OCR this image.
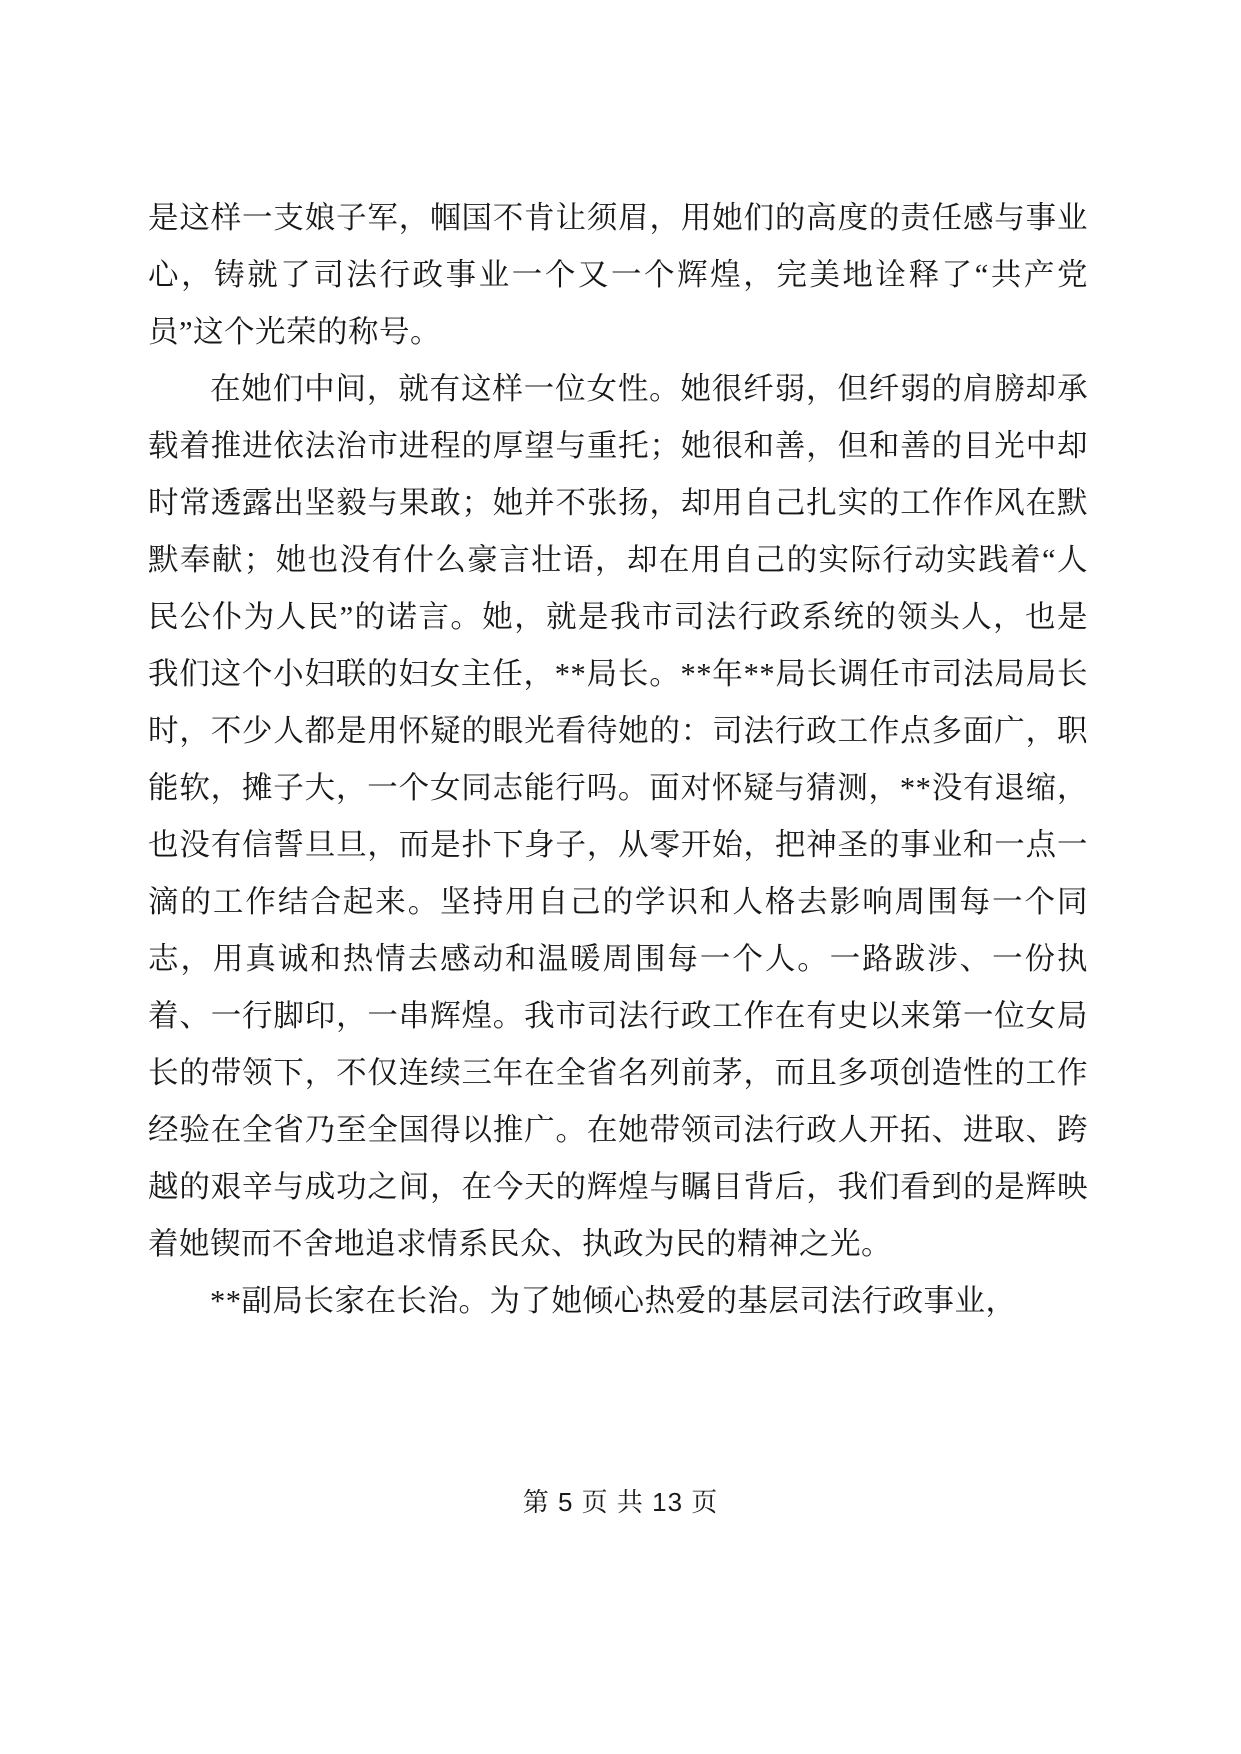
是这样一支娘子军，帼国不肯让须眉，用她们的高度的责任感与事业心，铸就了司法行政事业一个又一个辉煌，完美地诠释了“共产党员”这个光荣的称号。

在她们中间，就有这样一位女性。她很纤弱，但纤弱的肩膀却承载着推进依法治市进程的厚望与重托；她很和善，但和善的目光中却时常透露出坚毅与果敢；她并不张扬，却用自己扎实的工作作风在默默奉献；她也没有什么豪言壮语，却在用自己的实际行动实践着“人民公仆为人民”的诺言。她，就是我市司法行政系统的领头人，也是我们这个小妇联的妇女主任，**局长。**年**局长调任市司法局局长时，不少人都是用怀疑的眼光看待她的：司法行政工作点多面广，职能软，摊子大，一个女同志能行吗。面对怀疑与猜测，**没有退缩，也没有信誓旦旦，而是扑下身子，从零开始，把神圣的事业和一点一滴的工作结合起来。坚持用自己的学识和人格去影响周围每一个同志，用真诚和热情去感动和温暖周围每一个人。一路跋涉、一份执着、一行脚印，一串辉煌。我市司法行政工作在有史以来第一位女局长的带领下，不仅连续三年在全省名列前茅，而且多项创造性的工作经验在全省乃至全国得以推广。在她带领司法行政人开拓、进取、跨越的艰辛与成功之间，在今天的辉煌与瞩目背后，我们看到的是辉映着她锲而不舍地追求情系民众、执政为民的精神之光。

**副局长家在长治。为了她倾心热爱的基层司法行政事业，

第 5 页 共 13 页
